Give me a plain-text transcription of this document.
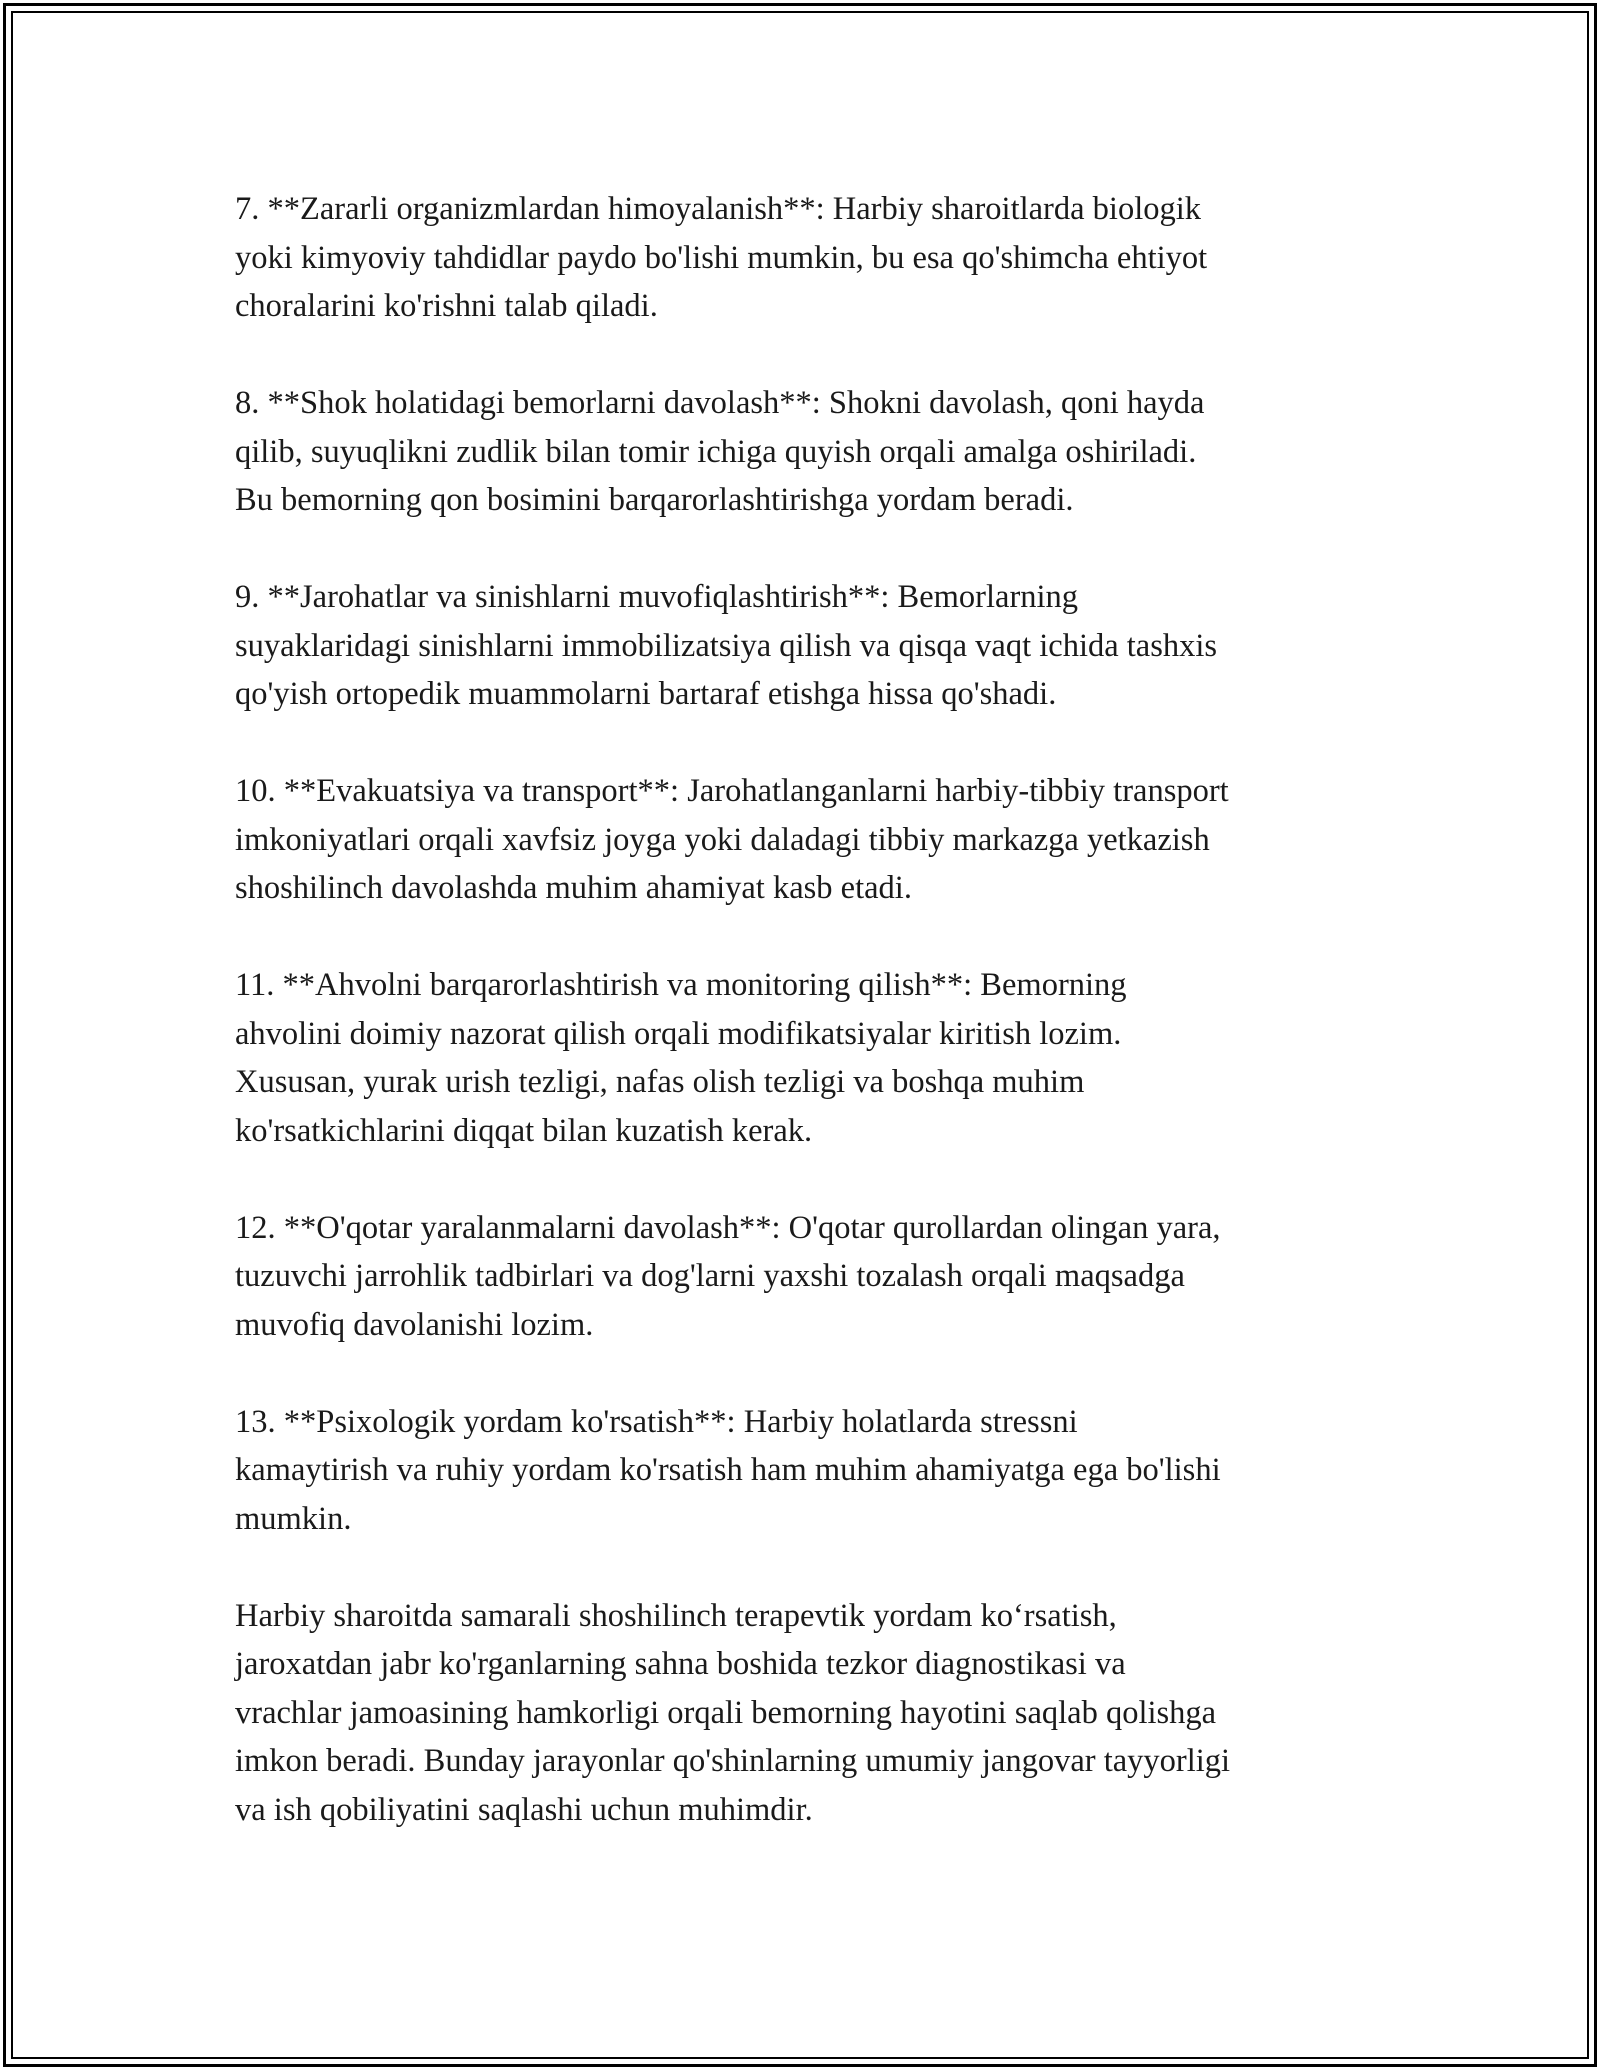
7. **Zararli organizmlardan himoyalanish**: Harbiy sharoitlarda biologik
yoki kimyoviy tahdidlar paydo bo'lishi mumkin, bu esa qo'shimcha ehtiyot
choralarini ko'rishni talab qiladi.

8. **Shok holatidagi bemorlarni davolash**: Shokni davolash, qoni hayda
qilib, suyuqlikni zudlik bilan tomir ichiga quyish orqali amalga oshiriladi.
Bu bemorning qon bosimini barqarorlashtirishga yordam beradi.

9. **Jarohatlar va sinishlarni muvofiqlashtirish**: Bemorlarning
suyaklaridagi sinishlarni immobilizatsiya qilish va qisqa vaqt ichida tashxis
qo'yish ortopedik muammolarni bartaraf etishga hissa qo'shadi.

10. **Evakuatsiya va transport**: Jarohatlanganlarni harbiy-tibbiy transport
imkoniyatlari orqali xavfsiz joyga yoki daladagi tibbiy markazga yetkazish
shoshilinch davolashda muhim ahamiyat kasb etadi.

11. **Ahvolni barqarorlashtirish va monitoring qilish**: Bemorning
ahvolini doimiy nazorat qilish orqali modifikatsiyalar kiritish lozim.
Xususan, yurak urish tezligi, nafas olish tezligi va boshqa muhim
ko'rsatkichlarini diqqat bilan kuzatish kerak.

12. **O'qotar yaralanmalarni davolash**: O'qotar qurollardan olingan yara,
tuzuvchi jarrohlik tadbirlari va dog'larni yaxshi tozalash orqali maqsadga
muvofiq davolanishi lozim.

13. **Psixologik yordam ko'rsatish**: Harbiy holatlarda stressni
kamaytirish va ruhiy yordam ko'rsatish ham muhim ahamiyatga ega bo'lishi
mumkin.

Harbiy sharoitda samarali shoshilinch terapevtik yordam ko‘rsatish,
jaroxatdan jabr ko'rganlarning sahna boshida tezkor diagnostikasi va
vrachlar jamoasining hamkorligi orqali bemorning hayotini saqlab qolishga
imkon beradi. Bunday jarayonlar qo'shinlarning umumiy jangovar tayyorligi
va ish qobiliyatini saqlashi uchun muhimdir.
